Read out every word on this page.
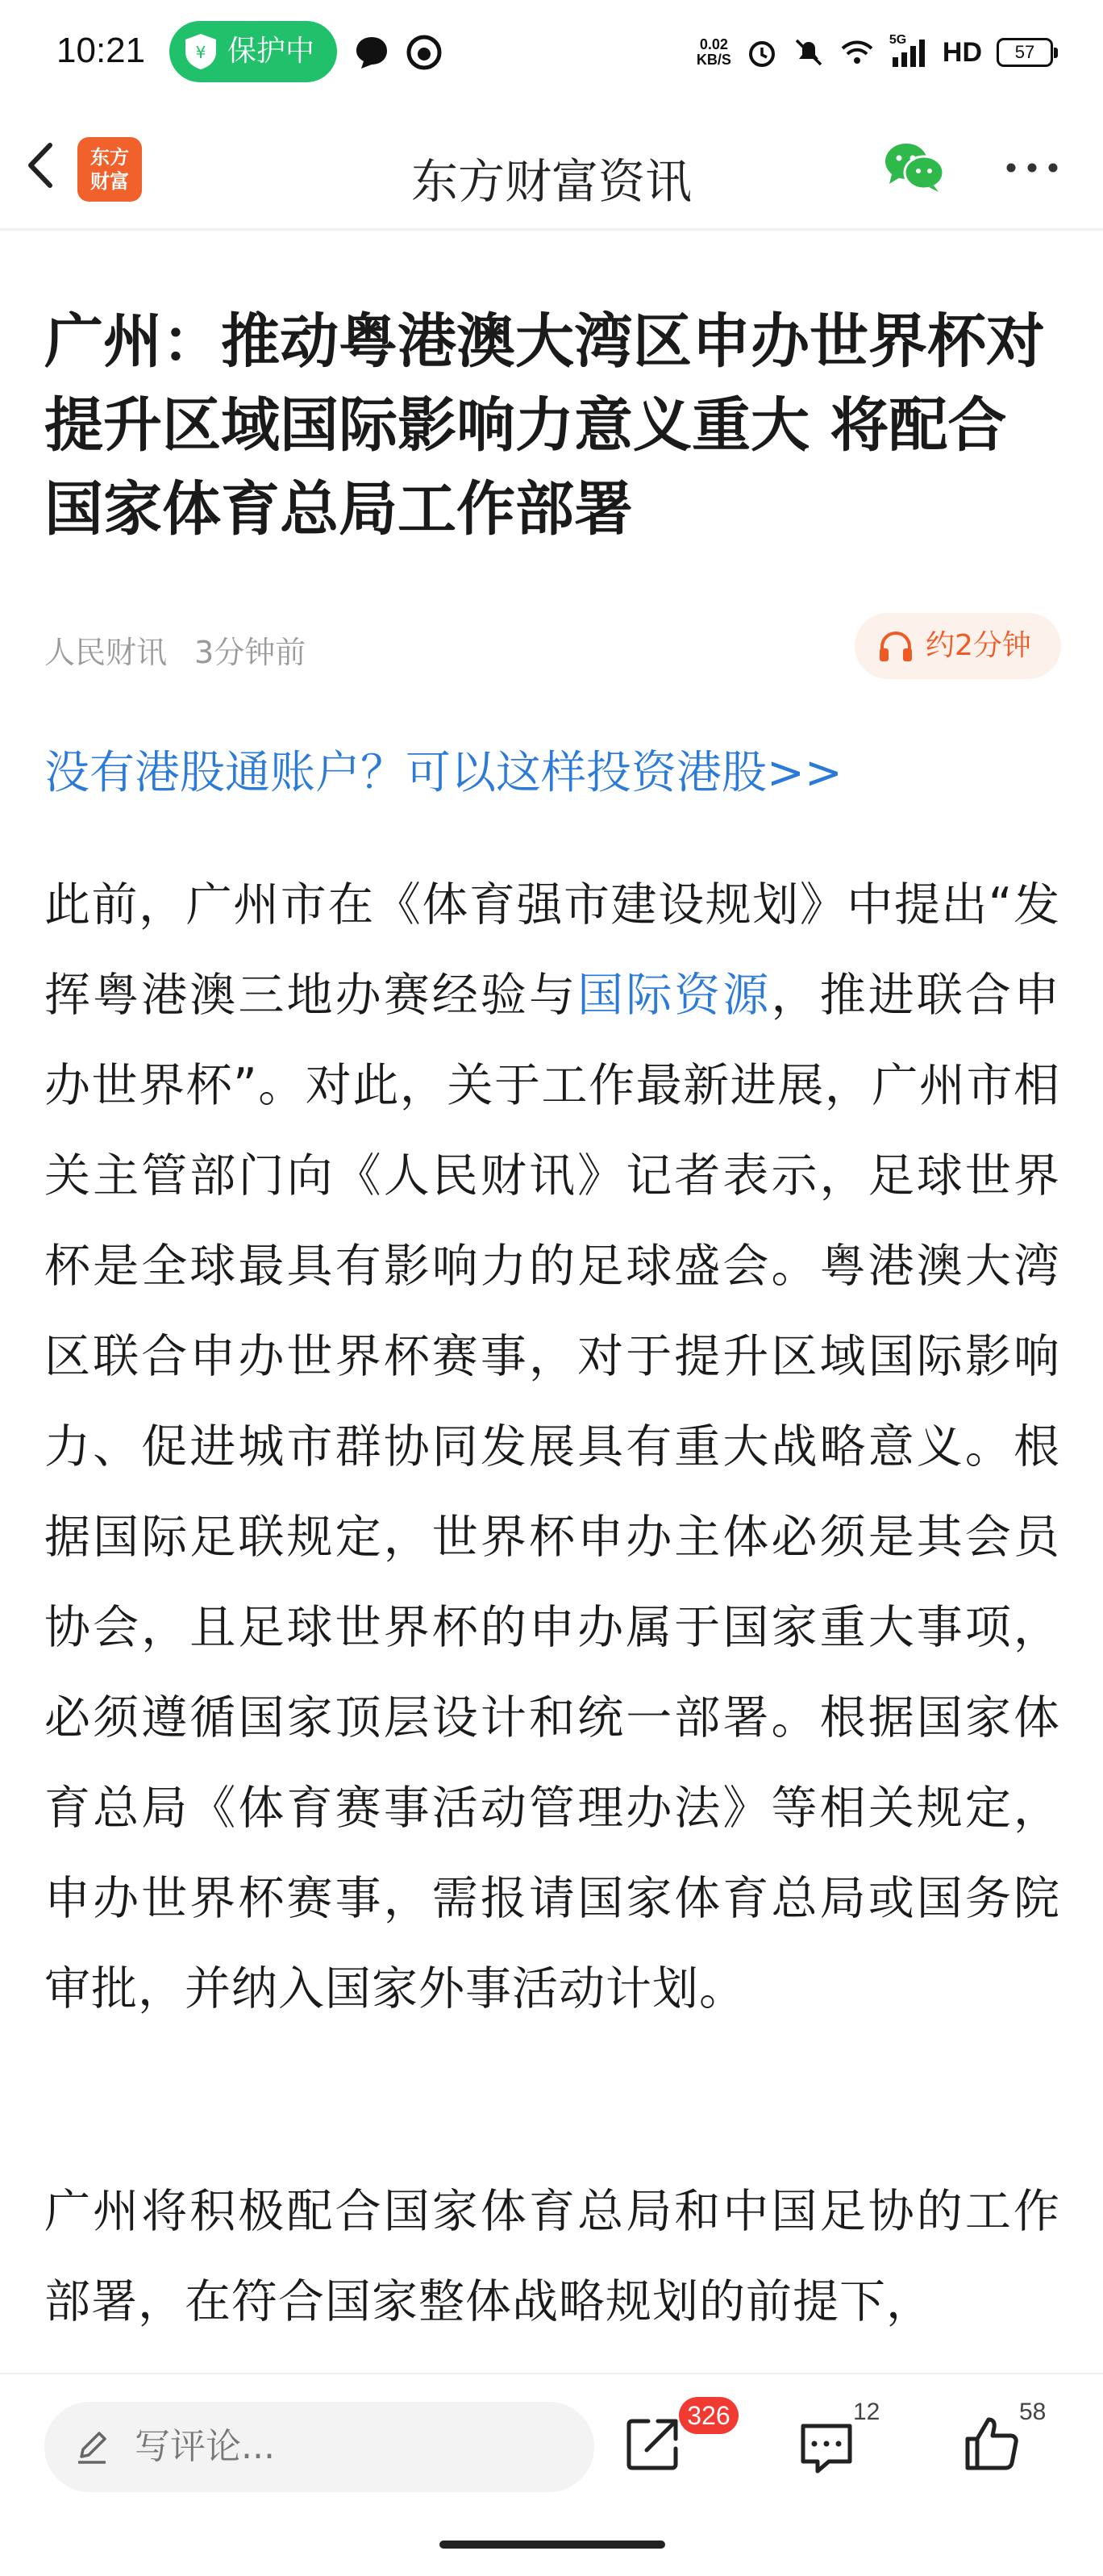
10:21	¥ 保护中	0.02
KB/S
5G HD	57
东方
财富	东方财富资讯
广州：推动粤港澳大湾区申办世界杯对提升区域国际影响力意义重大 将配合国家体育总局工作部署
人民财讯 3分钟前	约2分钟
没有港股通账户？可以这样投资港股>>
此前，广州市在《体育强市建设规划》中提出“发挥粤港澳三地办赛经验与国际资源，推进联合申办世界杯”。对此，关于工作最新进展，广州市相关主管部门向《人民财讯》记者表示，足球世界杯是全球最具有影响力的足球盛会。粤港澳大湾区联合申办世界杯赛事，对于提升区域国际影响力、促进城市群协同发展具有重大战略意义。根据国际足联规定，世界杯申办主体必须是其会员协会，且足球世界杯的申办属于国家重大事项，必须遵循国家顶层设计和统一部署。根据国家体育总局《体育赛事活动管理办法》等相关规定，申办世界杯赛事，需报请国家体育总局或国务院审批，并纳入国家外事活动计划。
广州将积极配合国家体育总局和中国足协的工作部署，在符合国家整体战略规划的前提下，
写评论...
326	12	58
